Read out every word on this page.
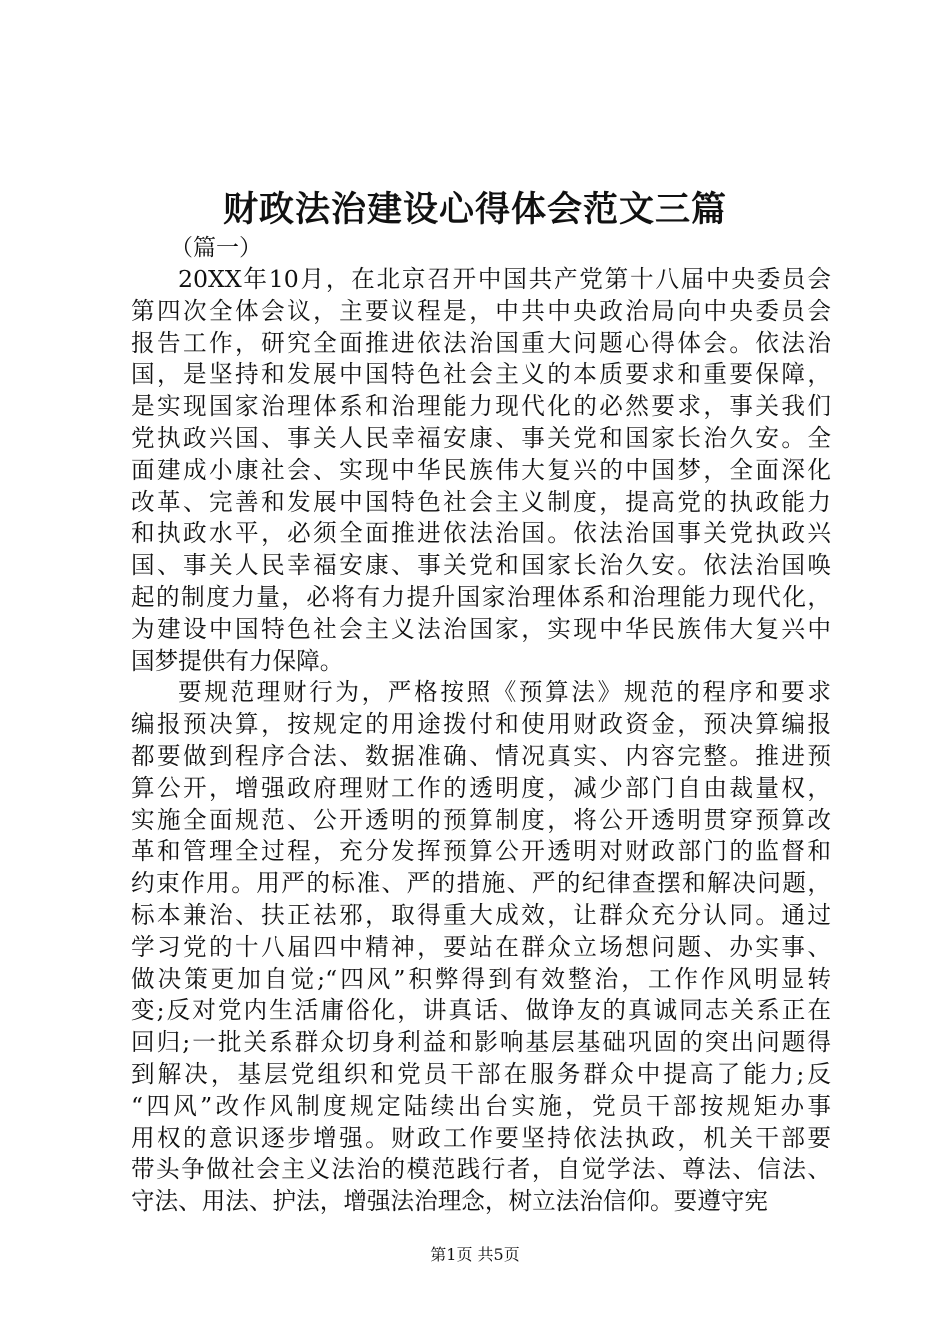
财政法治建设心得体会范文三篇
（篇一）
20XX年10月，在北京召开中国共产党第十八届中央委员会
第四次全体会议，主要议程是，中共中央政治局向中央委员会
报告工作，研究全面推进依法治国重大问题心得体会。依法治
国，是坚持和发展中国特色社会主义的本质要求和重要保障，
是实现国家治理体系和治理能力现代化的必然要求，事关我们
党执政兴国、事关人民幸福安康、事关党和国家长治久安。全
面建成小康社会、实现中华民族伟大复兴的中国梦，全面深化
改革、完善和发展中国特色社会主义制度，提高党的执政能力
和执政水平，必须全面推进依法治国。依法治国事关党执政兴
国、事关人民幸福安康、事关党和国家长治久安。依法治国唤
起的制度力量，必将有力提升国家治理体系和治理能力现代化，
为建设中国特色社会主义法治国家，实现中华民族伟大复兴中
国梦提供有力保障。
要规范理财行为，严格按照《预算法》规范的程序和要求
编报预决算，按规定的用途拨付和使用财政资金，预决算编报
都要做到程序合法、数据准确、情况真实、内容完整。推进预
算公开，增强政府理财工作的透明度，减少部门自由裁量权，
实施全面规范、公开透明的预算制度，将公开透明贯穿预算改
革和管理全过程，充分发挥预算公开透明对财政部门的监督和
约束作用。用严的标准、严的措施、严的纪律查摆和解决问题，
标本兼治、扶正祛邪，取得重大成效，让群众充分认同。通过
学习党的十八届四中精神，要站在群众立场想问题、办实事、
做决策更加自觉;“四风”积弊得到有效整治，工作作风明显转
变;反对党内生活庸俗化，讲真话、做诤友的真诚同志关系正在
回归;一批关系群众切身利益和影响基层基础巩固的突出问题得
到解决，基层党组织和党员干部在服务群众中提高了能力;反
“四风”改作风制度规定陆续出台实施，党员干部按规矩办事
用权的意识逐步增强。财政工作要坚持依法执政，机关干部要
带头争做社会主义法治的模范践行者，自觉学法、尊法、信法、
守法、用法、护法，增强法治理念，树立法治信仰。要遵守宪
第1页 共5页
